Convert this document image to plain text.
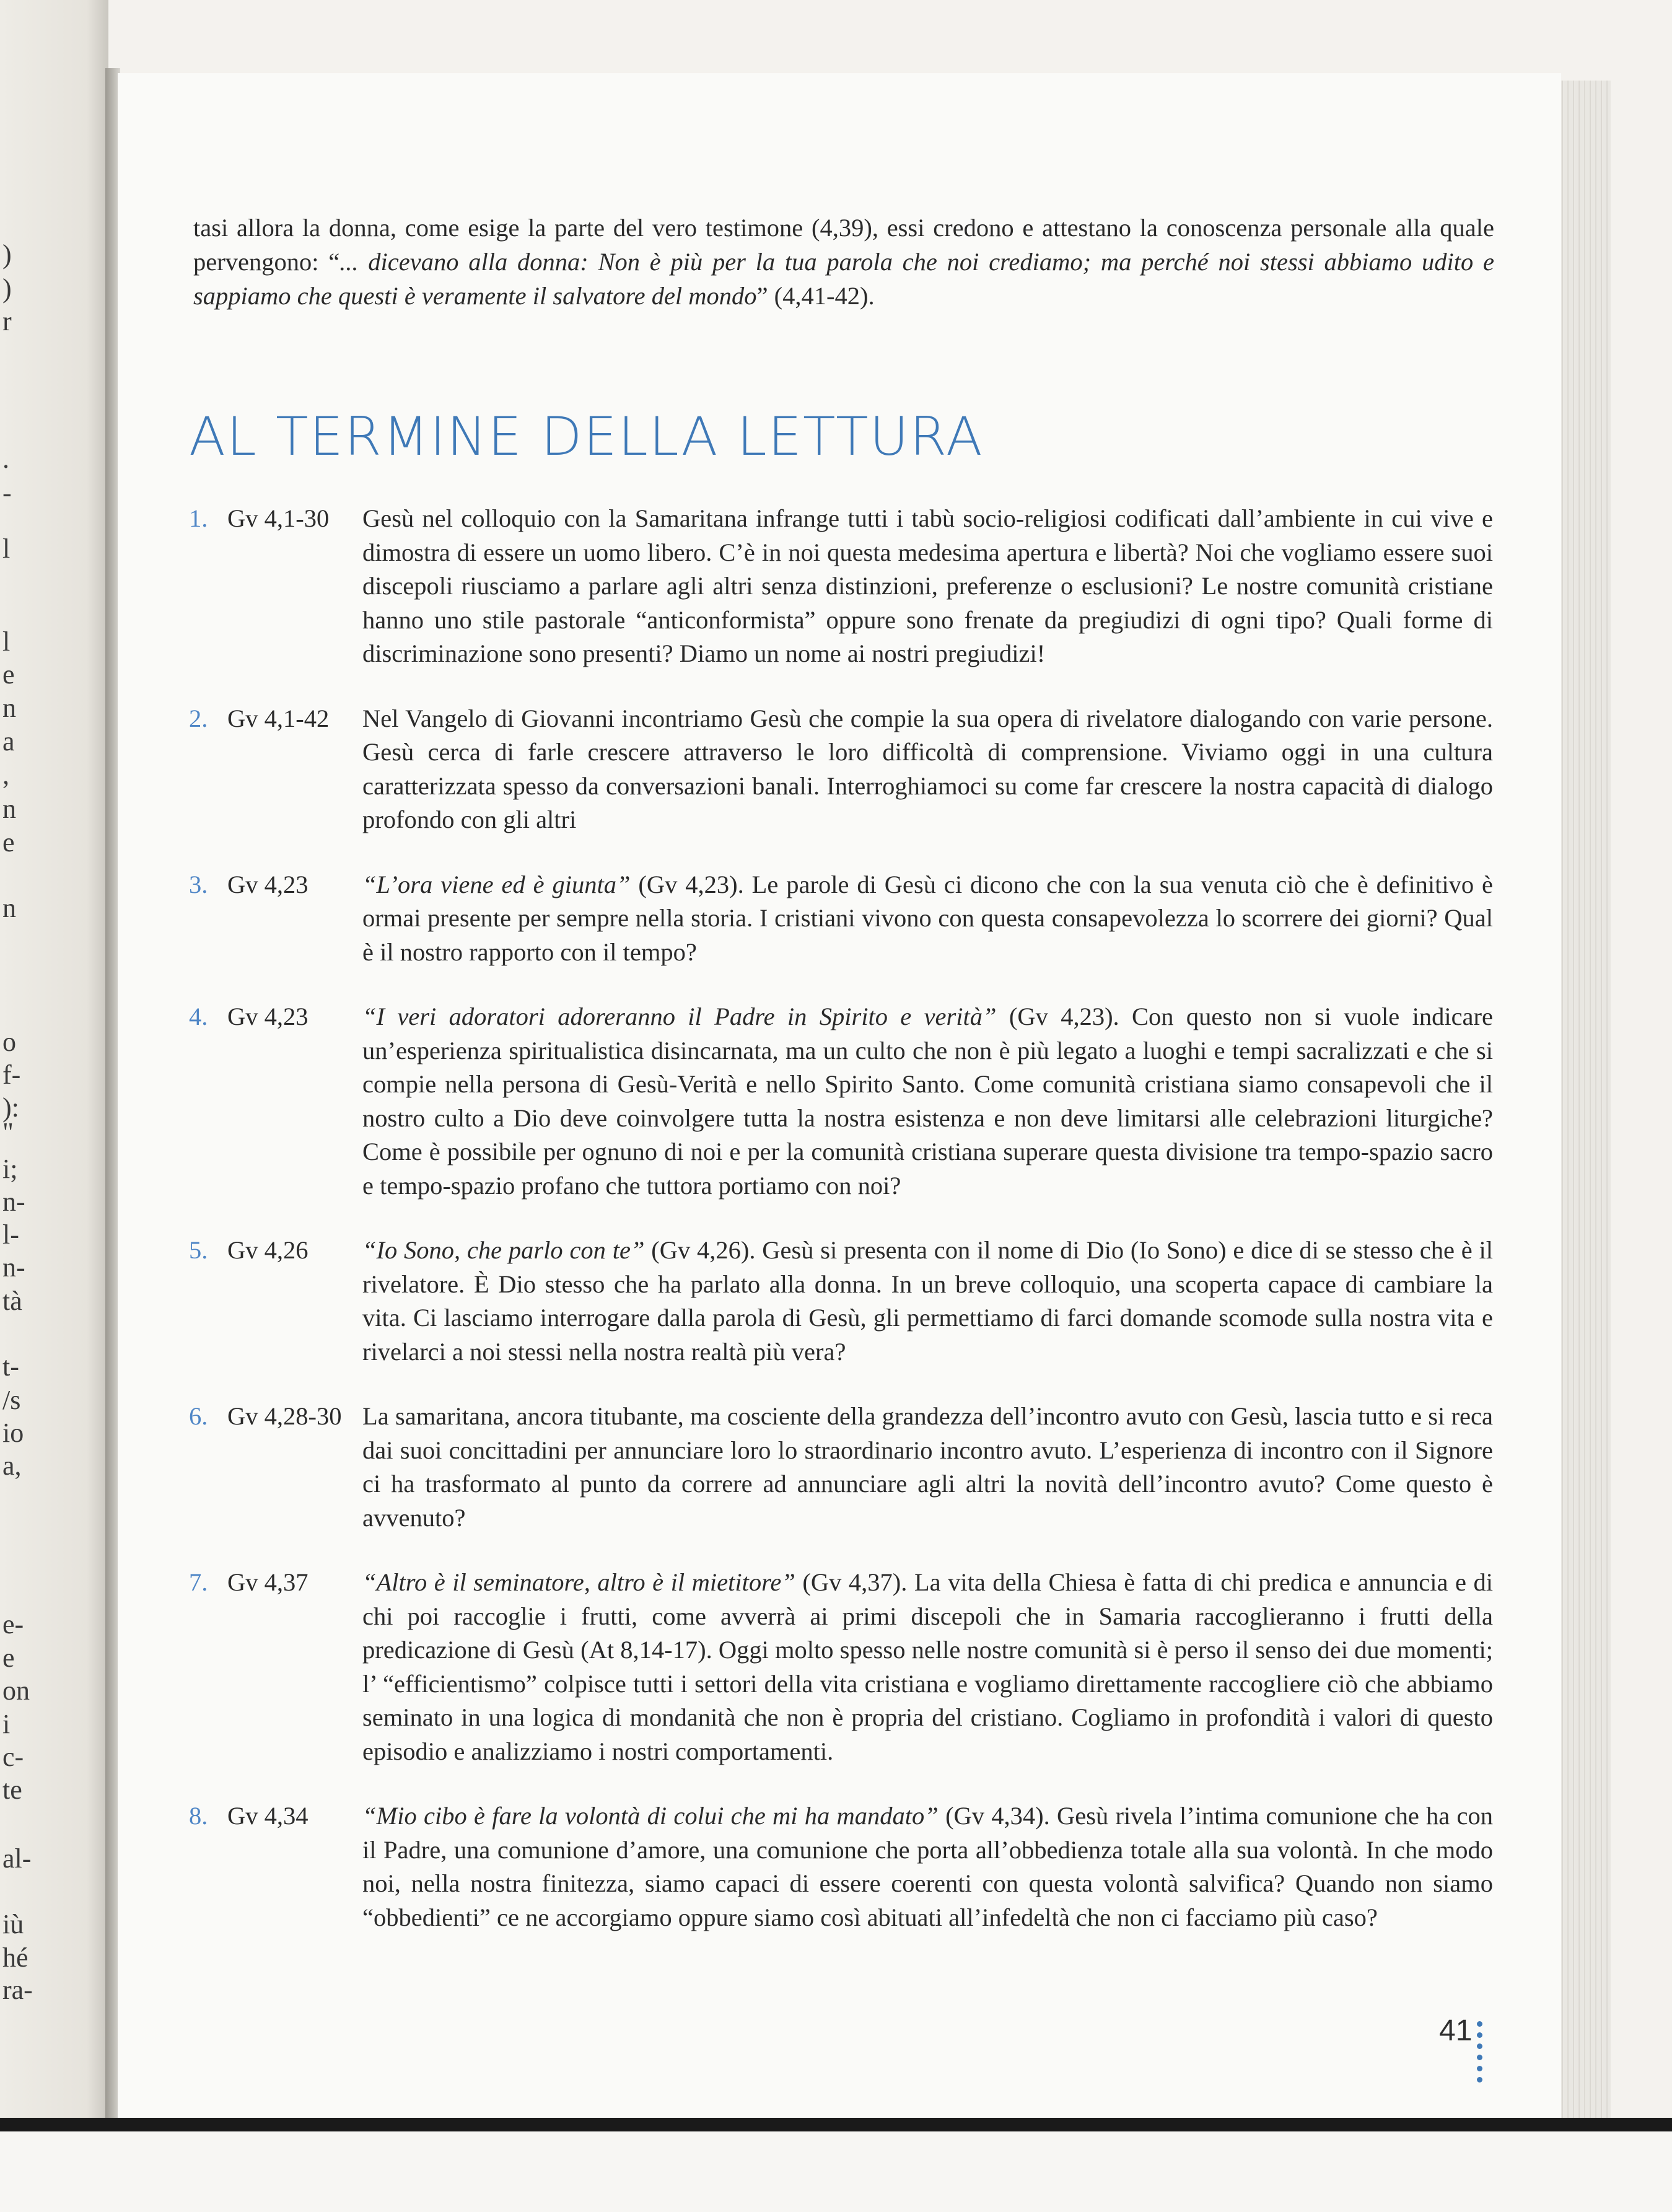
)
)
r
.
-
l
l
e
n
a
,
n
e
n
o
f-
):
"
i;
n-
l-
n-
tà
t-
/s
io
a,
e-
e
on
i
c-
te
al-
iù
hé
ra-

tasi allora la donna, come esige la parte del vero testimone (4,39), essi credono e attestano la conoscenza personale alla quale pervengono: “... dicevano alla donna: Non è più per la tua parola che noi crediamo; ma perché noi stessi abbiamo udito e sappiamo che questi è veramente il salvatore del mondo” (4,41-42).

AL TERMINE DELLA LETTURA
1. Gv 4,1-30	Gesù nel colloquio con la Samaritana infrange tutti i tabù socio-religiosi codificati dall’ambiente in cui vive e dimostra di essere un uomo libero. C’è in noi questa medesima apertura e libertà? Noi che vogliamo essere suoi discepoli riusciamo a parlare agli altri senza distinzioni, preferenze o esclusioni? Le nostre comunità cristiane hanno uno stile pastorale “anticonformista” oppure sono frenate da pregiudizi di ogni tipo? Quali forme di discriminazione sono presenti? Diamo un nome ai nostri pregiudizi!
2. Gv 4,1-42	Nel Vangelo di Giovanni incontriamo Gesù che compie la sua opera di rivelatore dialogando con varie persone. Gesù cerca di farle crescere attraverso le loro difficoltà di comprensione. Viviamo oggi in una cultura caratterizzata spesso da conversazioni banali. Interroghiamoci su come far crescere la nostra capacità di dialogo profondo con gli altri
3. Gv 4,23	“L’ora viene ed è giunta” (Gv 4,23). Le parole di Gesù ci dicono che con la sua venuta ciò che è definitivo è ormai presente per sempre nella storia. I cristiani vivono con questa consapevolezza lo scorrere dei giorni? Qual è il nostro rapporto con il tempo?
4. Gv 4,23	“I veri adoratori adoreranno il Padre in Spirito e verità” (Gv 4,23). Con questo non si vuole indicare un’esperienza spiritualistica disincarnata, ma un culto che non è più legato a luoghi e tempi sacralizzati e che si compie nella persona di Gesù-Verità e nello Spirito Santo. Come comunità cristiana siamo consapevoli che il nostro culto a Dio deve coinvolgere tutta la nostra esistenza e non deve limitarsi alle celebrazioni liturgiche? Come è possibile per ognuno di noi e per la comunità cristiana superare questa divisione tra tempo-spazio sacro e tempo-spazio profano che tuttora portiamo con noi?
5. Gv 4,26	“Io Sono, che parlo con te” (Gv 4,26). Gesù si presenta con il nome di Dio (Io Sono) e dice di se stesso che è il rivelatore. È Dio stesso che ha parlato alla donna. In un breve colloquio, una scoperta capace di cambiare la vita. Ci lasciamo interrogare dalla parola di Gesù, gli permettiamo di farci domande scomode sulla nostra vita e rivelarci a noi stessi nella nostra realtà più vera?
6. Gv 4,28-30 La samaritana, ancora titubante, ma cosciente della grandezza dell’incontro avuto con Gesù, lascia tutto e si reca dai suoi concittadini per annunciare loro lo straordinario incontro avuto. L’esperienza di incontro con il Signore ci ha trasformato al punto da correre ad annunciare agli altri la novità dell’incontro avuto? Come questo è avvenuto?
7. Gv 4,37	“Altro è il seminatore, altro è il mietitore” (Gv 4,37). La vita della Chiesa è fatta di chi predica e annuncia e di chi poi raccoglie i frutti, come avverrà ai primi discepoli che in Samaria raccoglieranno i frutti della predicazione di Gesù (At 8,14-17). Oggi molto spesso nelle nostre comunità si è perso il senso dei due momenti; l’ “efficientismo” colpisce tutti i settori della vita cristiana e vogliamo direttamente raccogliere ciò che abbiamo seminato in una logica di mondanità che non è propria del cristiano. Cogliamo in profondità i valori di questo episodio e analizziamo i nostri comportamenti.
8. Gv 4,34	“Mio cibo è fare la volontà di colui che mi ha mandato” (Gv 4,34). Gesù rivela l’intima comunione che ha con il Padre, una comunione d’amore, una comunione che porta all’obbedienza totale alla sua volontà. In che modo noi, nella nostra finitezza, siamo capaci di essere coerenti con questa volontà salvifica? Quando non siamo “obbedienti” ce ne accorgiamo oppure siamo così abituati all’infedeltà che non ci facciamo più caso?
41
